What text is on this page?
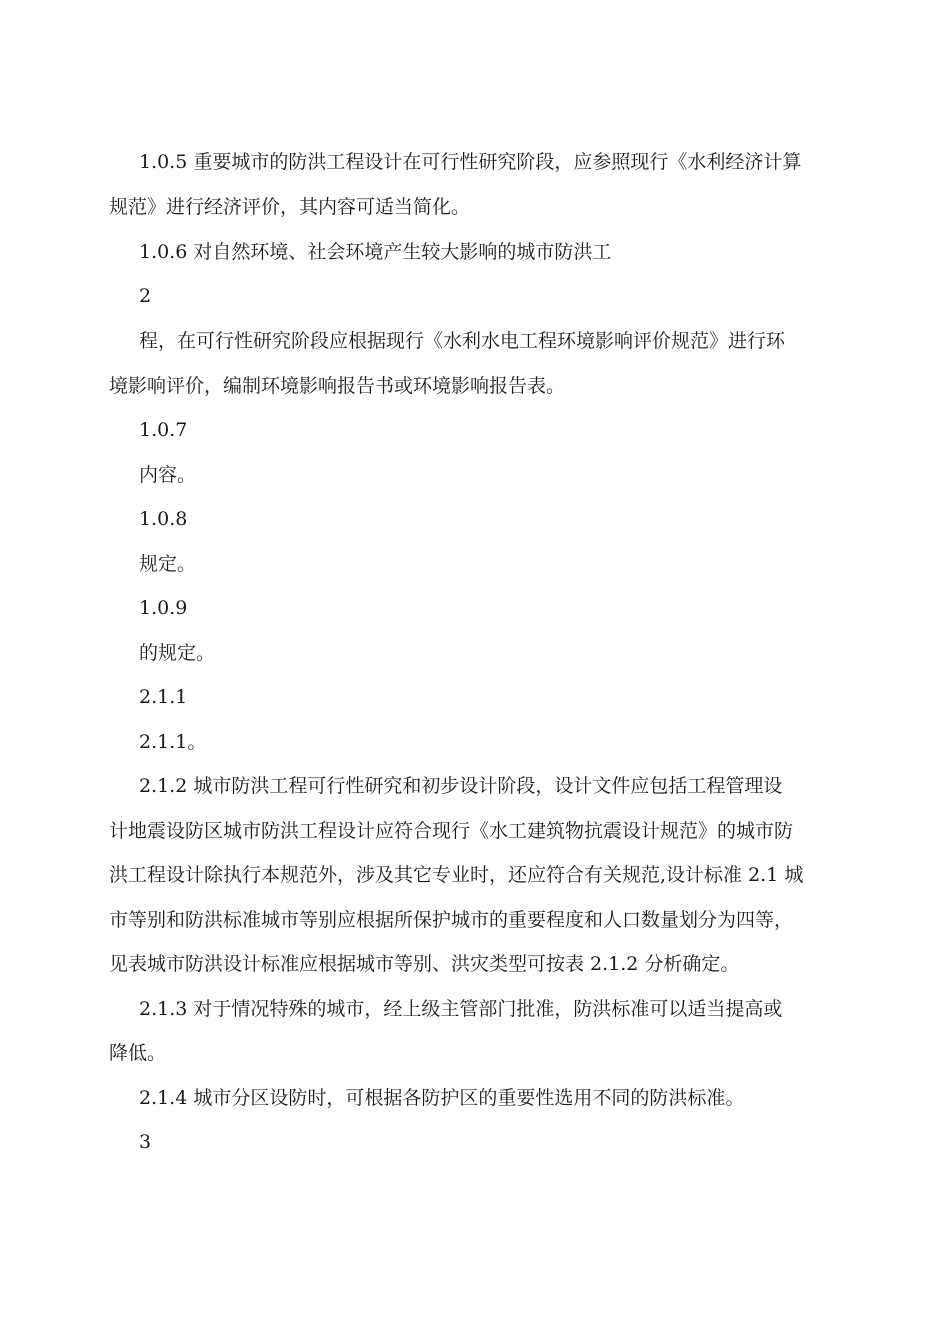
1.0.5 重要城市的防洪工程设计在可行性研究阶段，应参照现行《水利经济计算

规范》进行经济评价，其内容可适当简化。

1.0.6 对自然环境、社会环境产生较大影响的城市防洪工

2

程，在可行性研究阶段应根据现行《水利水电工程环境影响评价规范》进行环

境影响评价，编制环境影响报告书或环境影响报告表。

1.0.7

内容。

1.0.8

规定。

1.0.9

的规定。

2.1.1

2.1.1。

2.1.2 城市防洪工程可行性研究和初步设计阶段，设计文件应包括工程管理设

计地震设防区城市防洪工程设计应符合现行《水工建筑物抗震设计规范》的城市防

洪工程设计除执行本规范外，涉及其它专业时，还应符合有关规范,设计标准 2.1 城

市等别和防洪标准城市等别应根据所保护城市的重要程度和人口数量划分为四等，

见表城市防洪设计标准应根据城市等别、洪灾类型可按表 2.1.2 分析确定。

2.1.3 对于情况特殊的城市，经上级主管部门批准，防洪标准可以适当提高或

降低。

2.1.4 城市分区设防时，可根据各防护区的重要性选用不同的防洪标准。

3
